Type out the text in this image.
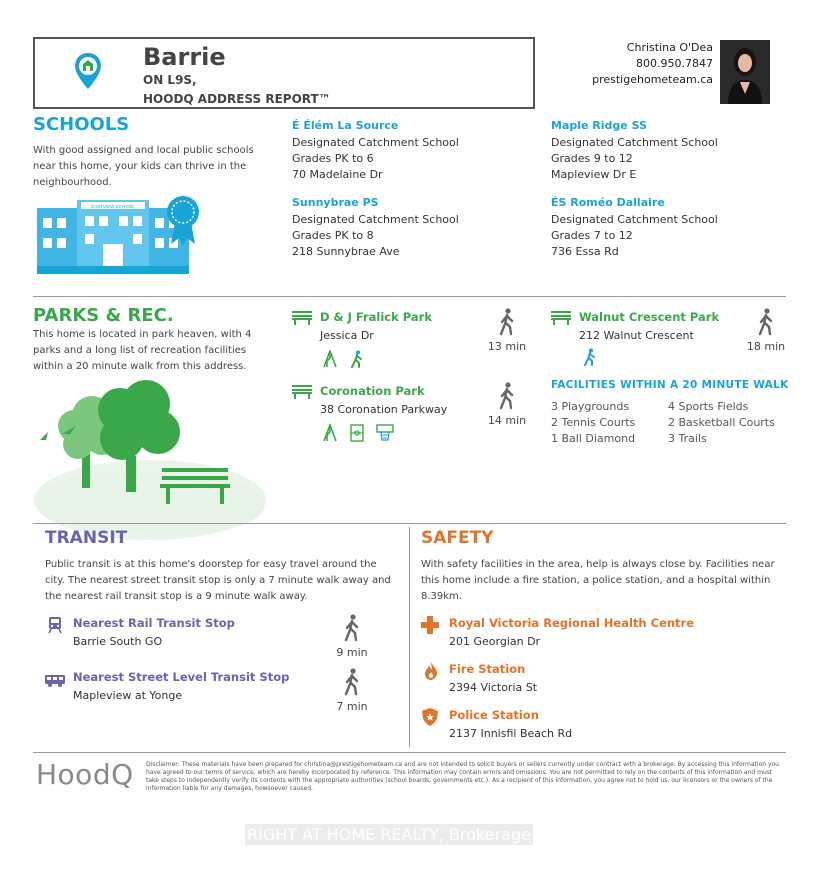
Barrie
ON L9S,
HOODQ ADDRESS REPORT™
Christina O'Dea
800.950.7847
prestigehometeam.ca
SCHOOLS
With good assigned and local public schools near this home, your kids can thrive in the neighbourhood.
EASTVIEW SCHOOL
É Élém La Source
Designated Catchment School
Grades PK to 6
70 Madelaine Dr
Maple Ridge SS
Designated Catchment School
Grades 9 to 12
Mapleview Dr E
Sunnybrae PS
Designated Catchment School
Grades PK to 8
218 Sunnybrae Ave
ÉS Roméo Dallaire
Designated Catchment School
Grades 7 to 12
736 Essa Rd
PARKS & REC.
This home is located in park heaven, with 4 parks and a long list of recreation facilities within a 20 minute walk from this address.
D & J Fralick Park
Jessica Dr
13 min
Coronation Park
38 Coronation Parkway
14 min
Walnut Crescent Park
212 Walnut Crescent
18 min
FACILITIES WITHIN A 20 MINUTE WALK
3 Playgrounds	4 Sports Fields
2 Tennis Courts	2 Basketball Courts
1 Ball Diamond	3 Trails
TRANSIT
Public transit is at this home's doorstep for easy travel around the city. The nearest street transit stop is only a 7 minute walk away and the nearest rail transit stop is a 9 minute walk away.
Nearest Rail Transit Stop
Barrie South GO
9 min
Nearest Street Level Transit Stop
Mapleview at Yonge
7 min
SAFETY
With safety facilities in the area, help is always close by. Facilities near this home include a fire station, a police station, and a hospital within 8.39km.
Royal Victoria Regional Health Centre
201 Georgian Dr
Fire Station
2394 Victoria St
Police Station
2137 Innisfil Beach Rd
HoodQ Disclaimer: These materials have been prepared for christina@prestigehometeam.ca and are not intended to solicit buyers or sellers currently under contract with a brokerage. By accessing this information you have agreed to our terms of service, which are hereby incorporated by reference. This information may contain errors and omissions. You are not permitted to rely on the contents of this information and must take steps to independently verify its contents with the appropriate authorities (school boards, governments etc.). As a recipient of this information, you agree not to hold us, our licensors or the owners of the information liable for any damages, howsoever caused.
RIGHT AT HOME REALTY, Brokerage
